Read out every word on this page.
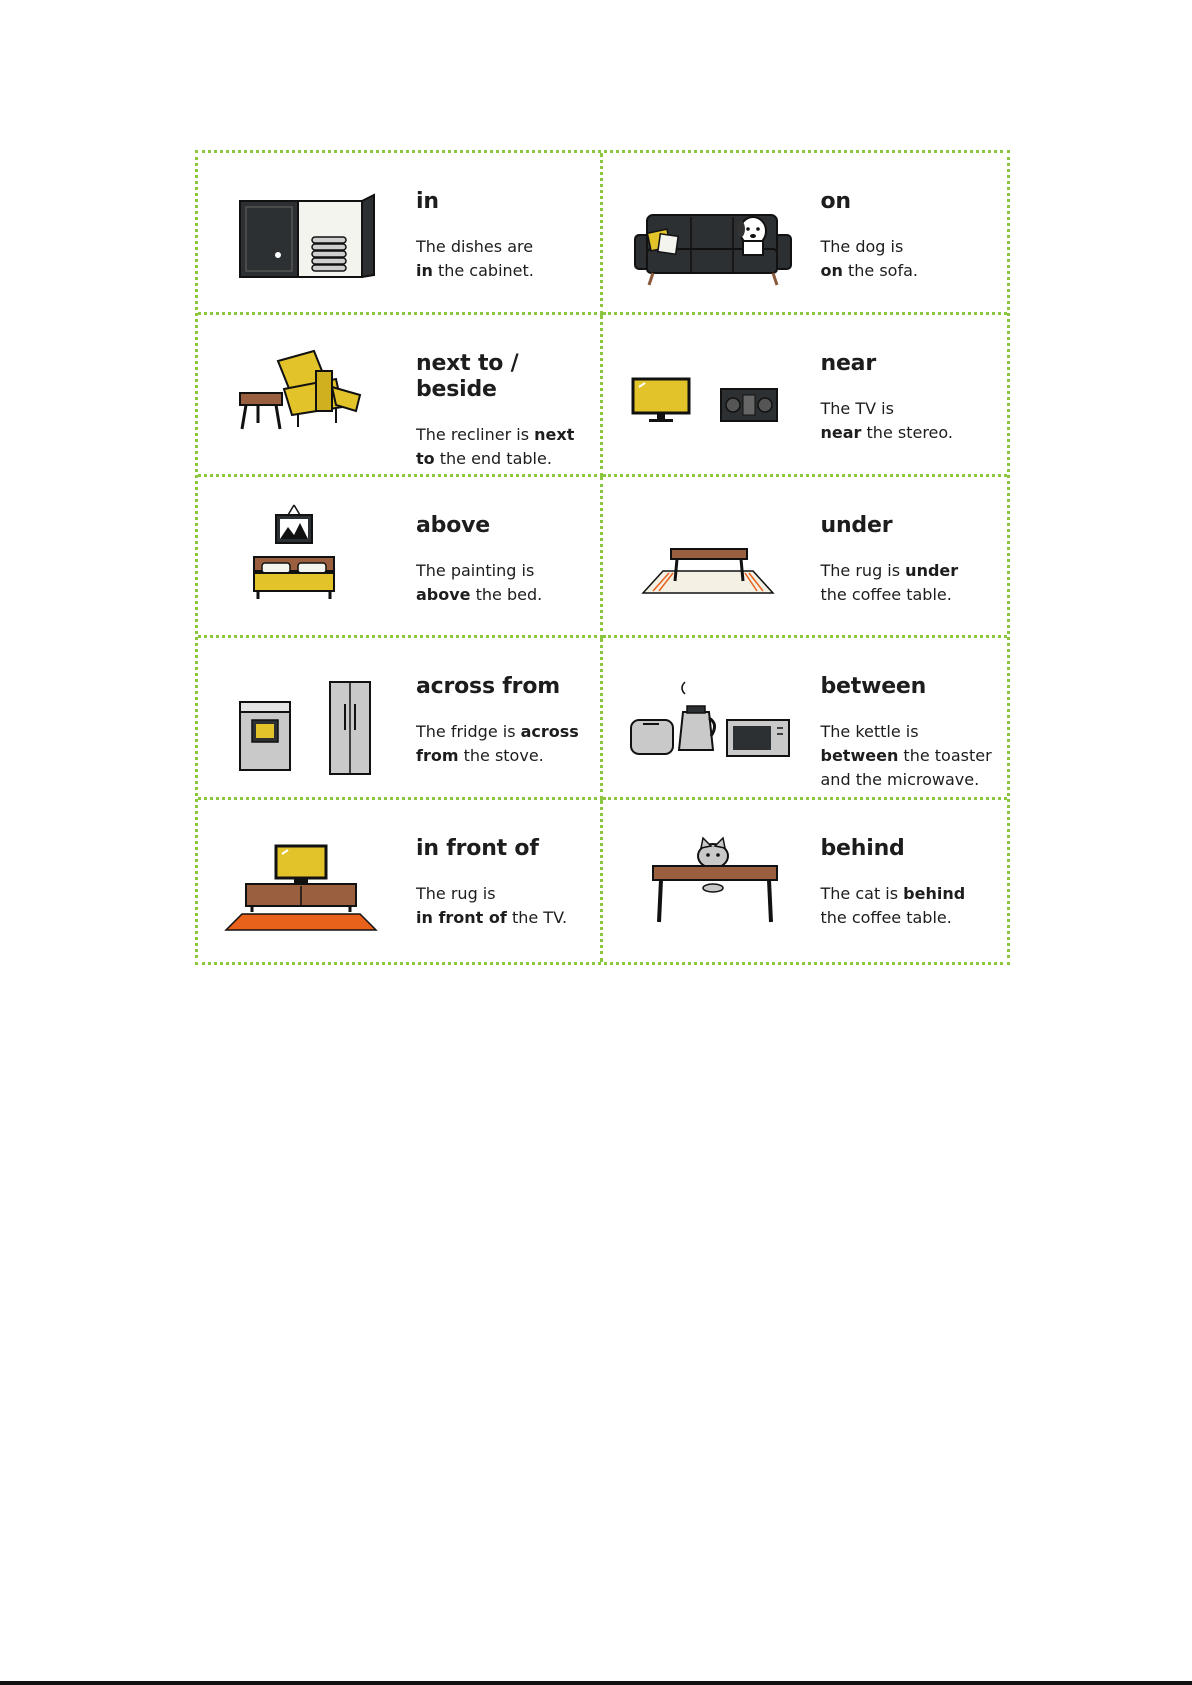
in
The dishes are
in the cabinet.
on
The dog is
on the sofa.
next to / beside
The recliner is next
to the end table.
near
The TV is
near the stereo.
above
The painting is
above the bed.
under
The rug is under
the coffee table.
across from
The fridge is across
from the stove.
between
The kettle is
between the toaster
and the microwave.
in front of
The rug is
in front of the TV.
behind
The cat is behind
the coffee table.
